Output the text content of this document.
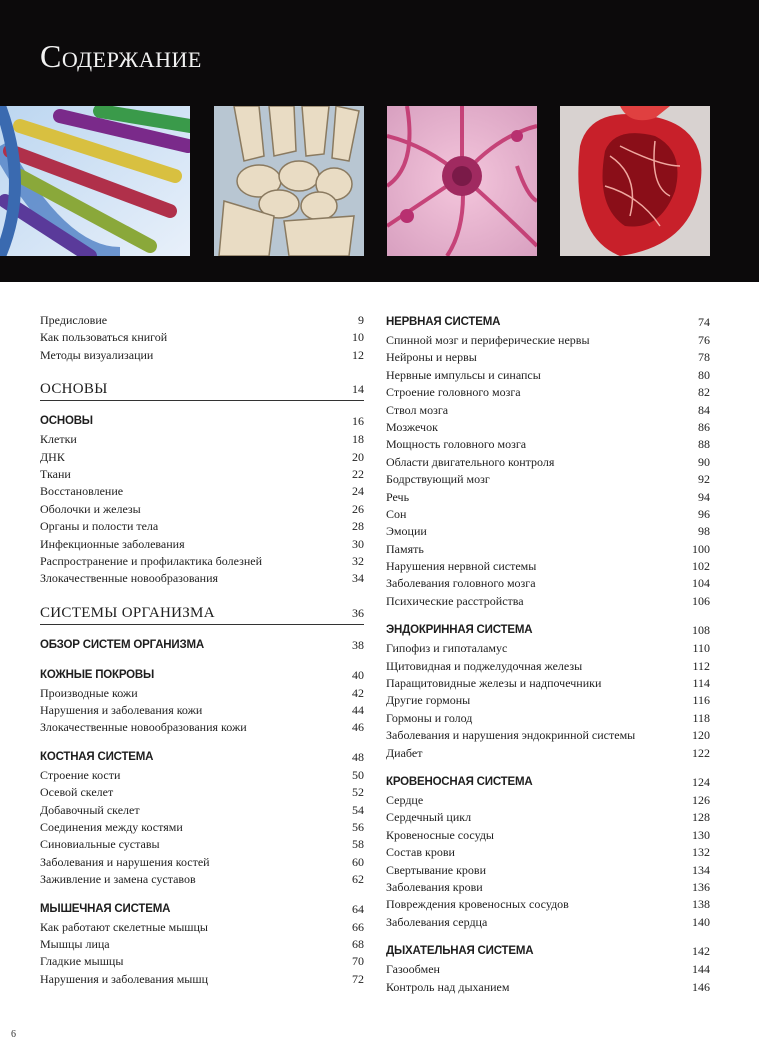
Содержание
Предисловие	9
Как пользоваться книгой	10
Методы визуализации	12
ОСНОВЫ	14
ОСНОВЫ	16
Клетки	18
ДНК	20
Ткани	22
Восстановление	24
Оболочки и железы	26
Органы и полости тела	28
Инфекционные заболевания	30
Распространение и профилактика болезней	32
Злокачественные новообразования	34
СИСТЕМЫ ОРГАНИЗМА	36
ОБЗОР СИСТЕМ ОРГАНИЗМА	38
КОЖНЫЕ ПОКРОВЫ	40
Производные кожи	42
Нарушения и заболевания кожи	44
Злокачественные новообразования кожи	46
КОСТНАЯ СИСТЕМА	48
Строение кости	50
Осевой скелет	52
Добавочный скелет	54
Соединения между костями	56
Синовиальные суставы	58
Заболевания и нарушения костей	60
Заживление и замена суставов	62
МЫШЕЧНАЯ СИСТЕМА	64
Как работают скелетные мышцы	66
Мышцы лица	68
Гладкие мышцы	70
Нарушения и заболевания мышц	72
НЕРВНАЯ СИСТЕМА	74
Спинной мозг и периферические нервы	76
Нейроны и нервы	78
Нервные импульсы и синапсы	80
Строение головного мозга	82
Ствол мозга	84
Мозжечок	86
Мощность головного мозга	88
Области двигательного контроля	90
Бодрствующий мозг	92
Речь	94
Сон	96
Эмоции	98
Память	100
Нарушения нервной системы	102
Заболевания головного мозга	104
Психические расстройства	106
ЭНДОКРИННАЯ СИСТЕМА	108
Гипофиз и гипоталамус	110
Щитовидная и поджелудочная железы	112
Паращитовидные железы и надпочечники	114
Другие гормоны	116
Гормоны и голод	118
Заболевания и нарушения эндокринной системы	120
Диабет	122
КРОВЕНОСНАЯ СИСТЕМА	124
Сердце	126
Сердечный цикл	128
Кровеносные сосуды	130
Состав крови	132
Свертывание крови	134
Заболевания крови	136
Повреждения кровеносных сосудов	138
Заболевания сердца	140
ДЫХАТЕЛЬНАЯ СИСТЕМА	142
Газообмен	144
Контроль над дыханием	146
6
